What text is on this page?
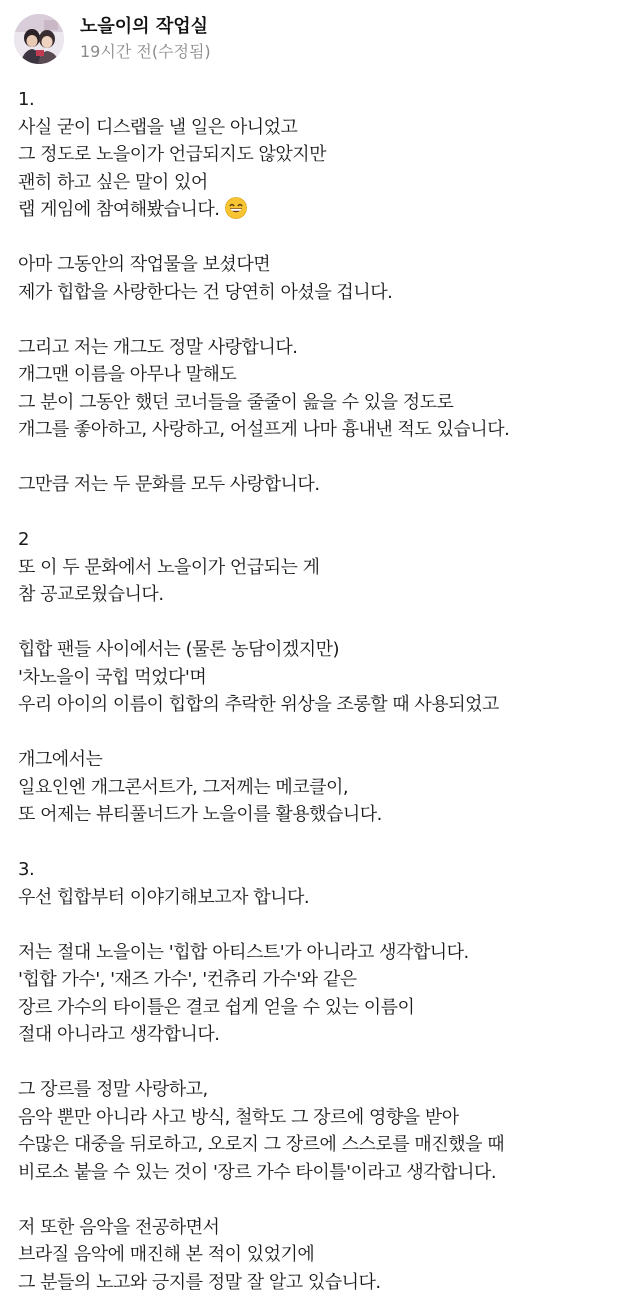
노을이의 작업실
19시간 전(수정됨)
1.
사실 굳이 디스랩을 낼 일은 아니었고
그 정도로 노을이가 언급되지도 않았지만
괜히 하고 싶은 말이 있어
랩 게임에 참여해봤습니다.
아마 그동안의 작업물을 보셨다면
제가 힙합을 사랑한다는 건 당연히 아셨을 겁니다.
그리고 저는 개그도 정말 사랑합니다.
개그맨 이름을 아무나 말해도
그 분이 그동안 했던 코너들을 줄줄이 읊을 수 있을 정도로
개그를 좋아하고, 사랑하고, 어설프게 나마 흉내낸 적도 있습니다.
그만큼 저는 두 문화를 모두 사랑합니다.
2
또 이 두 문화에서 노을이가 언급되는 게
참 공교로웠습니다.
힙합 팬들 사이에서는 (물론 농담이겠지만)
'차노을이 국힙 먹었다'며
우리 아이의 이름이 힙합의 추락한 위상을 조롱할 때 사용되었고
개그에서는
일요인엔 개그콘서트가, 그저께는 메코클이,
또 어제는 뷰티풀너드가 노을이를 활용했습니다.
3.
우선 힙합부터 이야기해보고자 합니다.
저는 절대 노을이는 '힙합 아티스트'가 아니라고 생각합니다.
'힙합 가수', '재즈 가수', '컨츄리 가수'와 같은
장르 가수의 타이틀은 결코 쉽게 얻을 수 있는 이름이
절대 아니라고 생각합니다.
그 장르를 정말 사랑하고,
음악 뿐만 아니라 사고 방식, 철학도 그 장르에 영향을 받아
수많은 대중을 뒤로하고, 오로지 그 장르에 스스로를 매진했을 때
비로소 붙을 수 있는 것이 '장르 가수 타이틀'이라고 생각합니다.
저 또한 음악을 전공하면서
브라질 음악에 매진해 본 적이 있었기에
그 분들의 노고와 긍지를 정말 잘 알고 있습니다.
